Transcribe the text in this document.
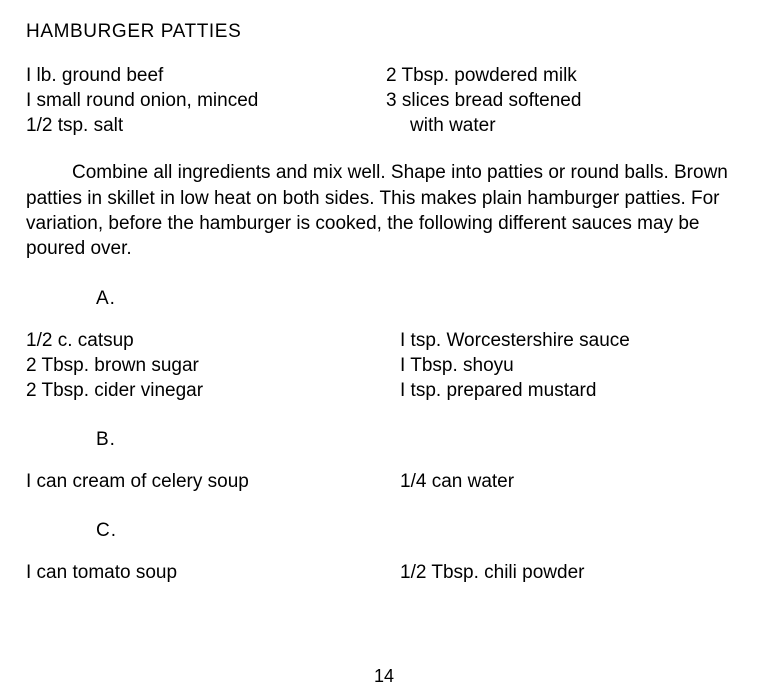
HAMBURGER PATTIES
I lb. ground beef
I small round onion, minced
1/2 tsp. salt
2 Tbsp. powdered milk
3 slices bread softened
with water

Combine all ingredients and mix well. Shape into patties or round balls. Brown patties in skillet in low heat on both sides. This makes plain hamburger patties. For variation, before the hamburger is cooked, the following different sauces may be poured over.

A.
1/2 c. catsup
2 Tbsp. brown sugar
2 Tbsp. cider vinegar
I tsp. Worcestershire sauce
I Tbsp. shoyu
I tsp. prepared mustard
B.
I can cream of celery soup	1/4 can water
C.
I can tomato soup	1/2 Tbsp. chili powder
14
